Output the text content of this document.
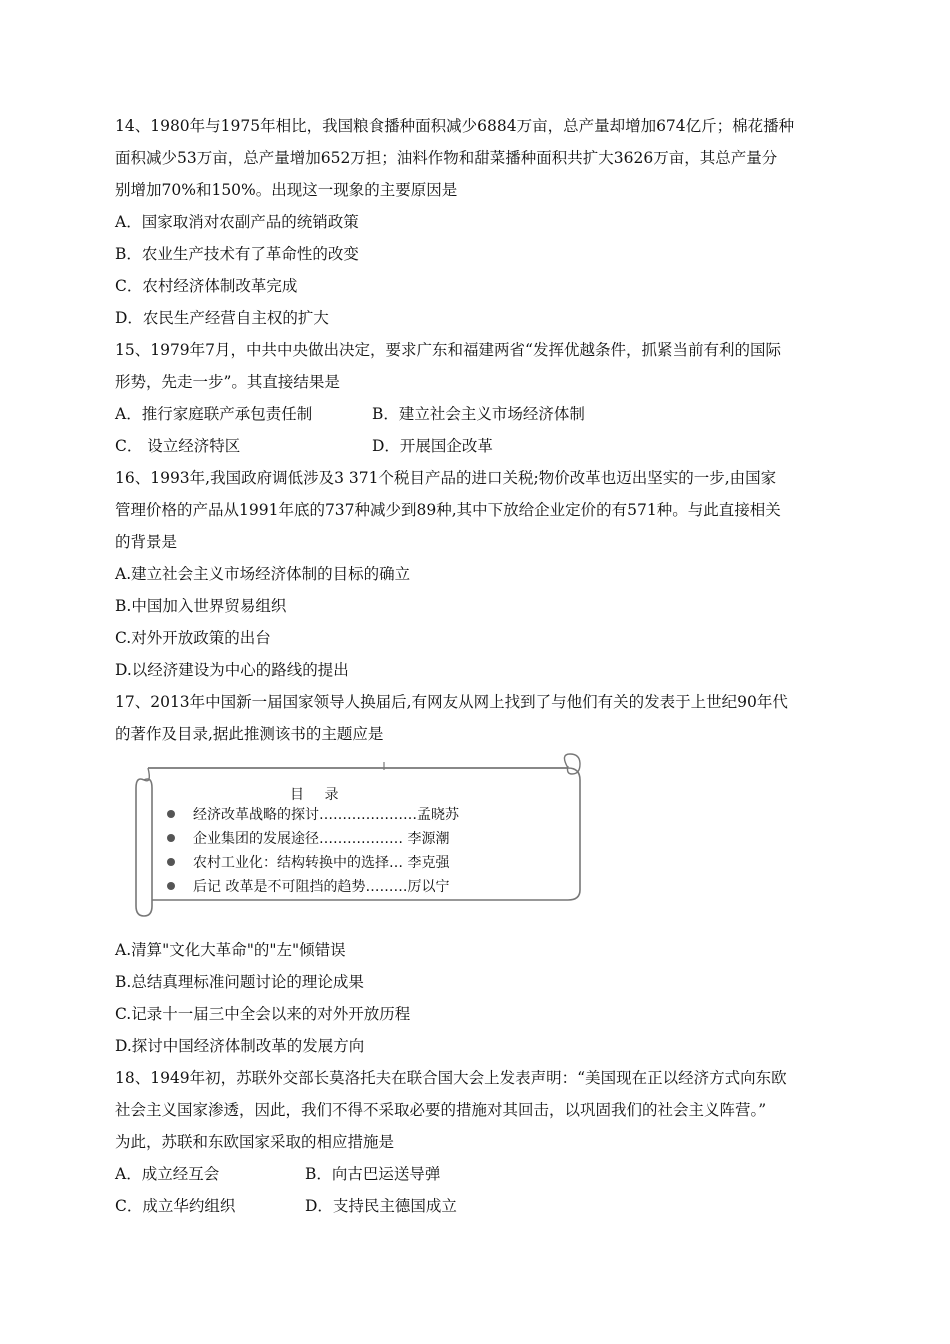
14、1980年与1975年相比，我国粮食播种面积减少6884万亩，总产量却增加674亿斤；棉花播种
面积减少53万亩，总产量增加652万担；油料作物和甜菜播种面积共扩大3626万亩，其总产量分
别增加70%和150%。出现这一现象的主要原因是
A．国家取消对农副产品的统销政策
B．农业生产技术有了革命性的改变
C．农村经济体制改革完成
D．农民生产经营自主权的扩大
15、1979年7月，中共中央做出决定，要求广东和福建两省“发挥优越条件，抓紧当前有利的国际
形势，先走一步”。其直接结果是
A．推行家庭联产承包责任制	B．建立社会主义市场经济体制
C． 设立经济特区	D．开展国企改革
16、1993年,我国政府调低涉及3 371个税目产品的进口关税;物价改革也迈出坚实的一步,由国家
管理价格的产品从1991年底的737种减少到89种,其中下放给企业定价的有571种。与此直接相关
的背景是
A.建立社会主义市场经济体制的目标的确立
B.中国加入世界贸易组织
C.对外开放政策的出台
D.以经济建设为中心的路线的提出
17、2013年中国新一届国家领导人换届后,有网友从网上找到了与他们有关的发表于上世纪90年代
的著作及目录,据此推测该书的主题应是
目 录
经济改革战略的探讨…………………孟晓苏
企业集团的发展途径……………… 李源潮
农村工业化：结构转换中的选择… 李克强
后记 改革是不可阻挡的趋势………厉以宁
A.清算"文化大革命"的"左"倾错误
B.总结真理标准问题讨论的理论成果
C.记录十一届三中全会以来的对外开放历程
D.探讨中国经济体制改革的发展方向
18、1949年初，苏联外交部长莫洛托夫在联合国大会上发表声明：“美国现在正以经济方式向东欧
社会主义国家渗透，因此，我们不得不采取必要的措施对其回击，以巩固我们的社会主义阵营。”
为此，苏联和东欧国家采取的相应措施是
A．成立经互会	B．向古巴运送导弹
C．成立华约组织	D．支持民主德国成立
